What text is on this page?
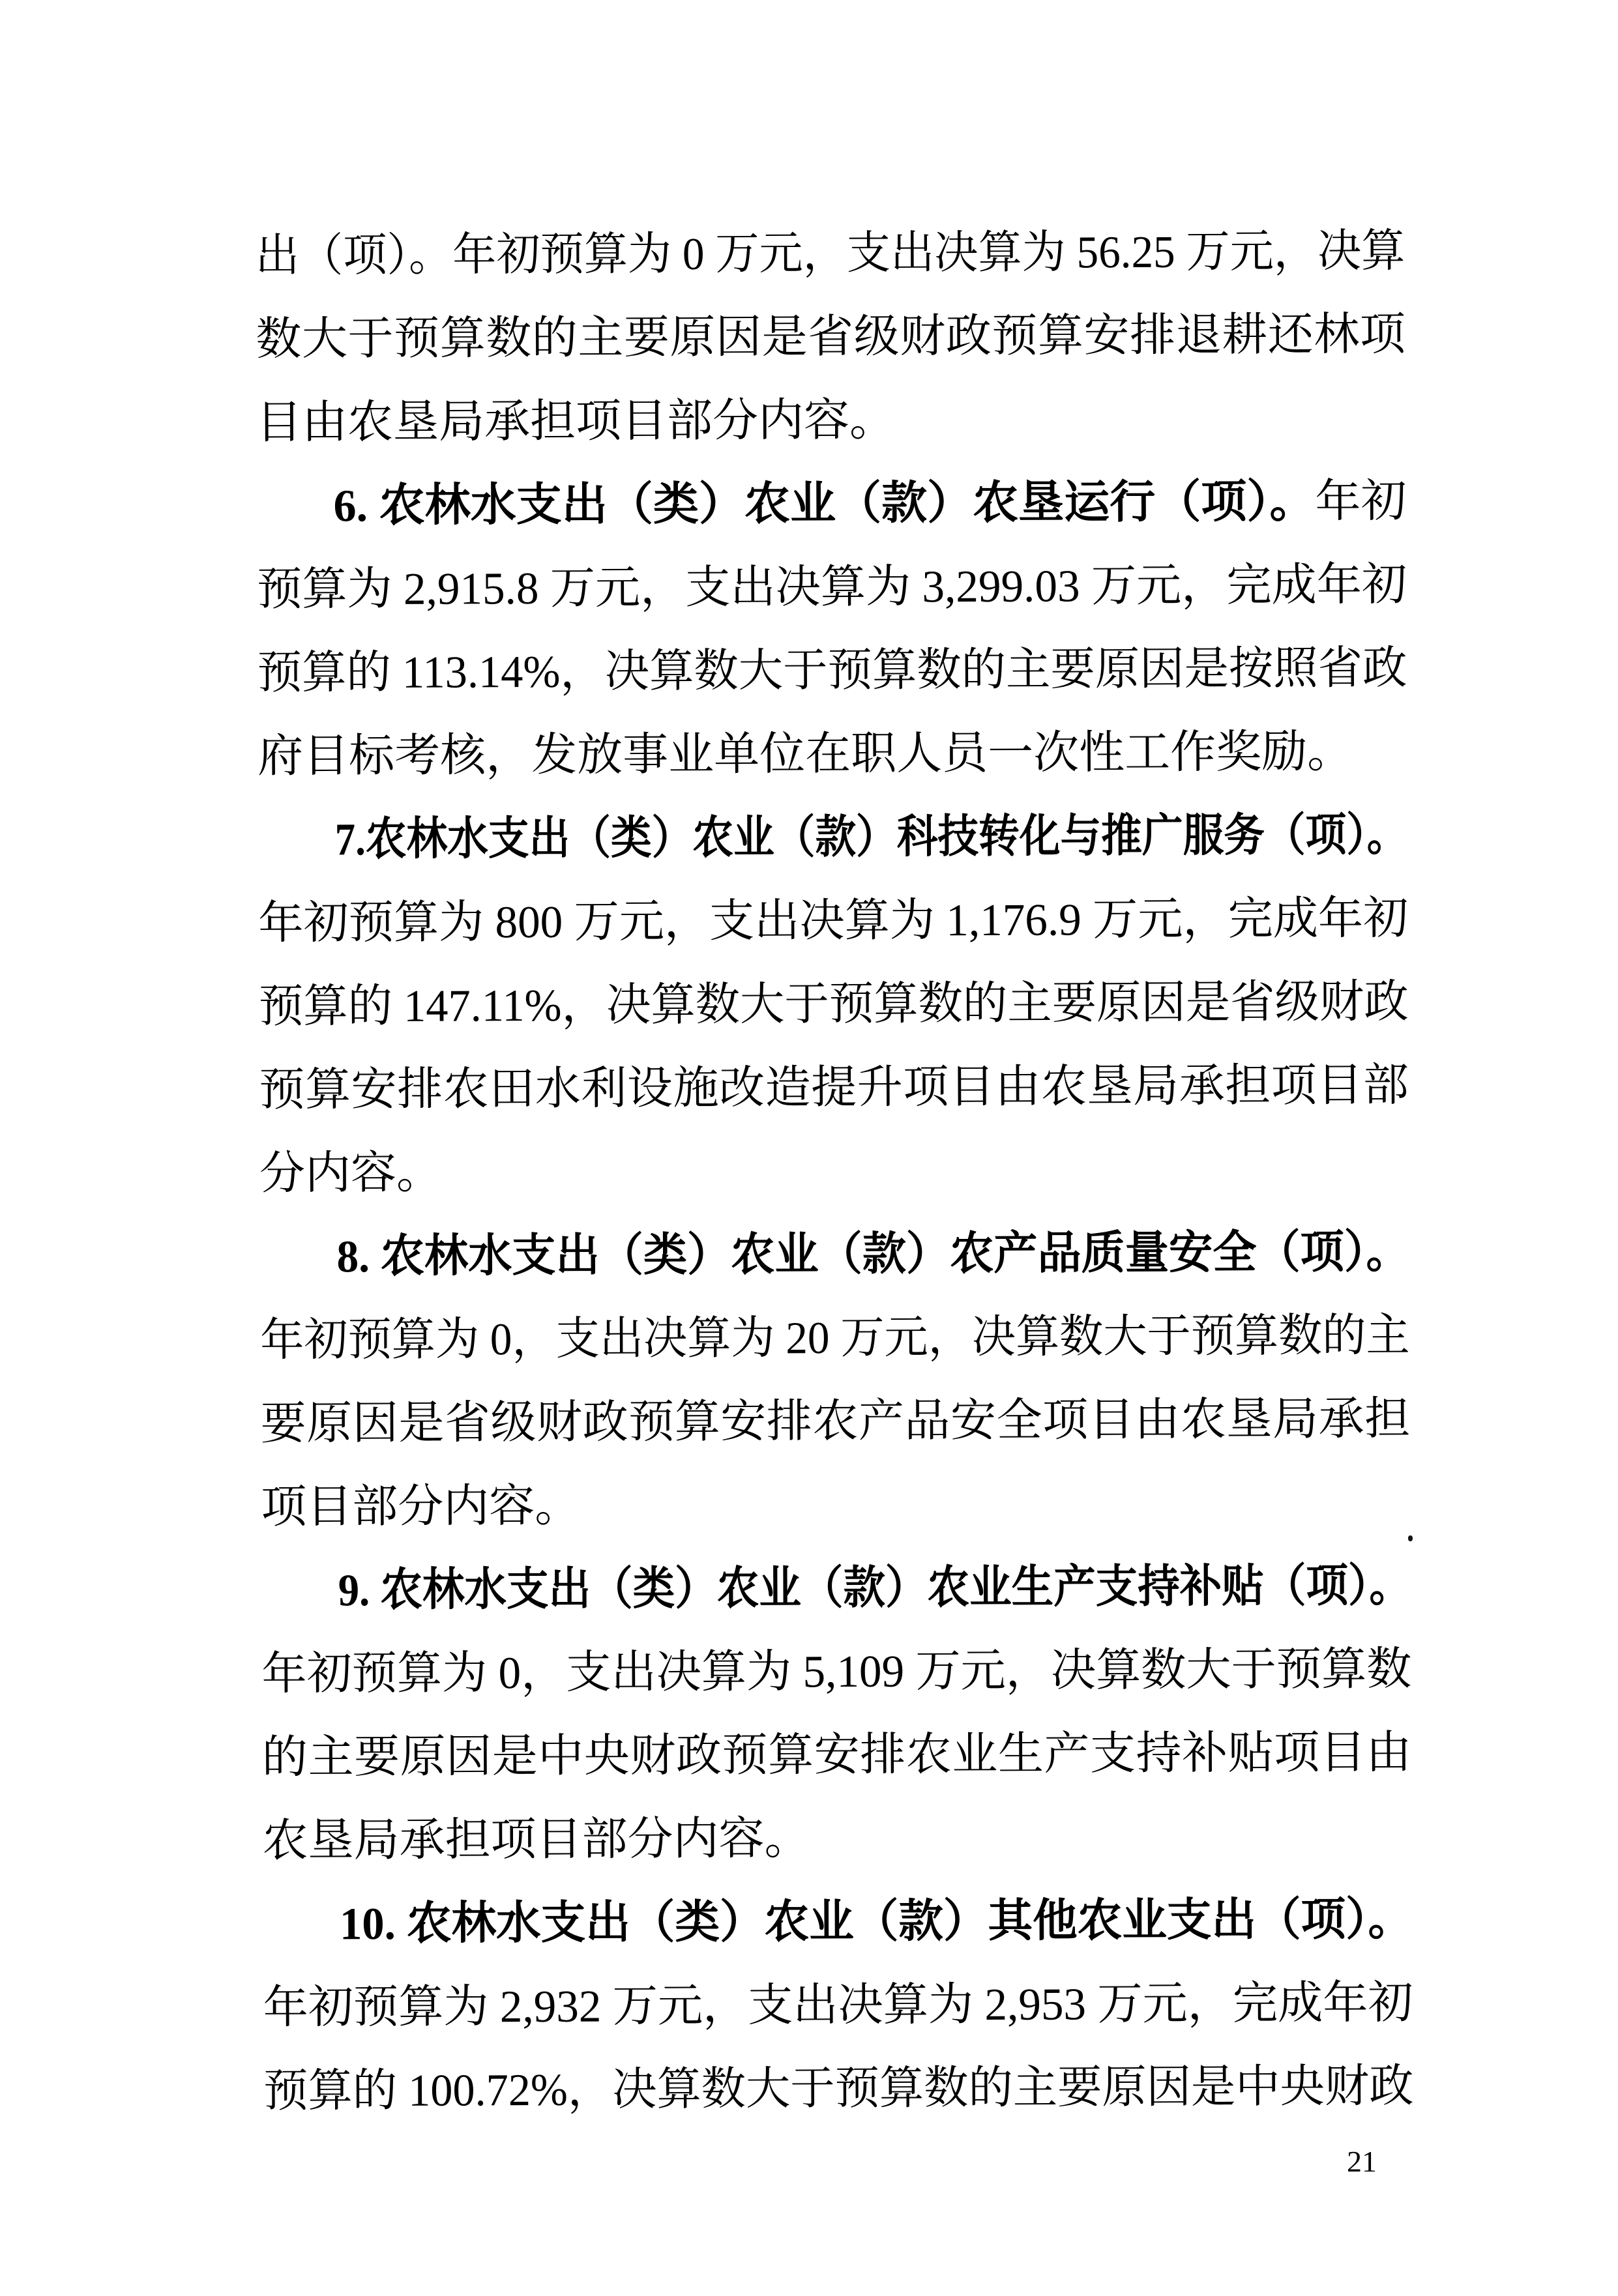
出（项）。年初预算为 0 万元，支出决算为 56.25 万元，决算
数大于预算数的主要原因是省级财政预算安排退耕还林项
目由农垦局承担项目部分内容。
6. 农林水支出（类）农业（款）农垦运行（项）。年初
预算为 2,915.8 万元，支出决算为 3,299.03 万元，完成年初
预算的 113.14%，决算数大于预算数的主要原因是按照省政
府目标考核，发放事业单位在职人员一次性工作奖励。
7.农林水支出（类）农业（款）科技转化与推广服务（项）。
年初预算为 800 万元，支出决算为 1,176.9 万元，完成年初
预算的 147.11%，决算数大于预算数的主要原因是省级财政
预算安排农田水利设施改造提升项目由农垦局承担项目部
分内容。
8. 农林水支出（类）农业（款）农产品质量安全（项）。
年初预算为 0，支出决算为 20 万元，决算数大于预算数的主
要原因是省级财政预算安排农产品安全项目由农垦局承担
项目部分内容。
9. 农林水支出（类）农业（款）农业生产支持补贴（项）。
年初预算为 0，支出决算为 5,109 万元，决算数大于预算数
的主要原因是中央财政预算安排农业生产支持补贴项目由
农垦局承担项目部分内容。
10. 农林水支出（类）农业（款）其他农业支出（项）。
年初预算为 2,932 万元，支出决算为 2,953 万元，完成年初
预算的 100.72%，决算数大于预算数的主要原因是中央财政
21
